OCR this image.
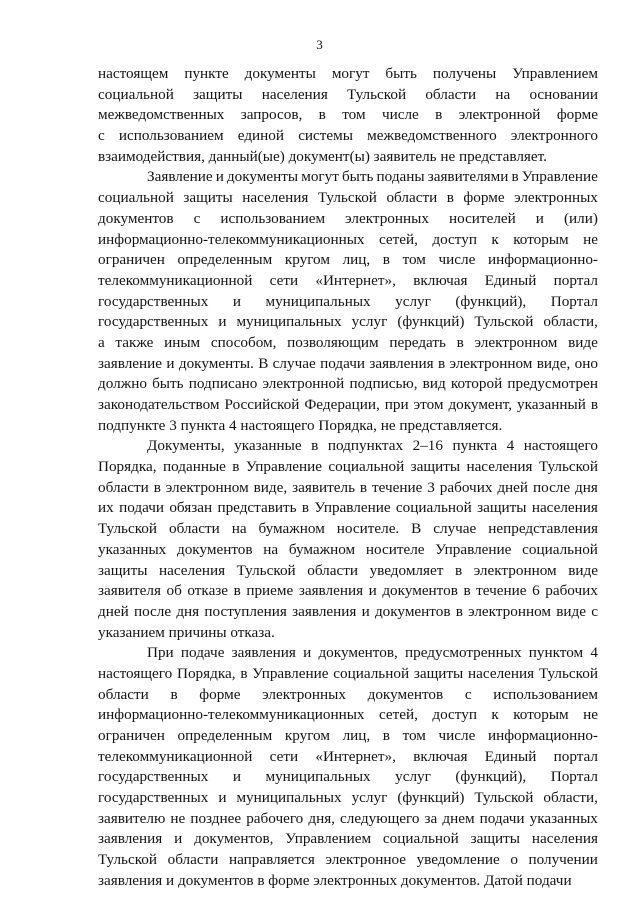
3
настоящем пункте документы могут быть получены Управлением
социальной защиты населения Тульской области на основании
межведомственных запросов, в том числе в электронной форме
с использованием единой системы межведомственного электронного
взаимодействия, данный(ые) документ(ы) заявитель не представляет.
Заявление и документы могут быть поданы заявителями в Управление
социальной защиты населения Тульской области в форме электронных
документов с использованием электронных носителей и (или)
информационно-телекоммуникационных сетей, доступ к которым не
ограничен определенным кругом лиц, в том числе информационно-
телекоммуникационной сети «Интернет», включая Единый портал
государственных и муниципальных услуг (функций), Портал
государственных и муниципальных услуг (функций) Тульской области,
а также иным способом, позволяющим передать в электронном виде
заявление и документы. В случае подачи заявления в электронном виде, оно
должно быть подписано электронной подписью, вид которой предусмотрен
законодательством Российской Федерации, при этом документ, указанный в
подпункте 3 пункта 4 настоящего Порядка, не представляется.
Документы, указанные в подпунктах 2–16 пункта 4 настоящего
Порядка, поданные в Управление социальной защиты населения Тульской
области в электронном виде, заявитель в течение 3 рабочих дней после дня
их подачи обязан представить в Управление социальной защиты населения
Тульской области на бумажном носителе. В случае непредставления
указанных документов на бумажном носителе Управление социальной
защиты населения Тульской области уведомляет в электронном виде
заявителя об отказе в приеме заявления и документов в течение 6 рабочих
дней после дня поступления заявления и документов в электронном виде с
указанием причины отказа.
При подаче заявления и документов, предусмотренных пунктом 4
настоящего Порядка, в Управление социальной защиты населения Тульской
области в форме электронных документов с использованием
информационно-телекоммуникационных сетей, доступ к которым не
ограничен определенным кругом лиц, в том числе информационно-
телекоммуникационной сети «Интернет», включая Единый портал
государственных и муниципальных услуг (функций), Портал
государственных и муниципальных услуг (функций) Тульской области,
заявителю не позднее рабочего дня, следующего за днем подачи указанных
заявления и документов, Управлением социальной защиты населения
Тульской области направляется электронное уведомление о получении
заявления и документов в форме электронных документов. Датой подачи
